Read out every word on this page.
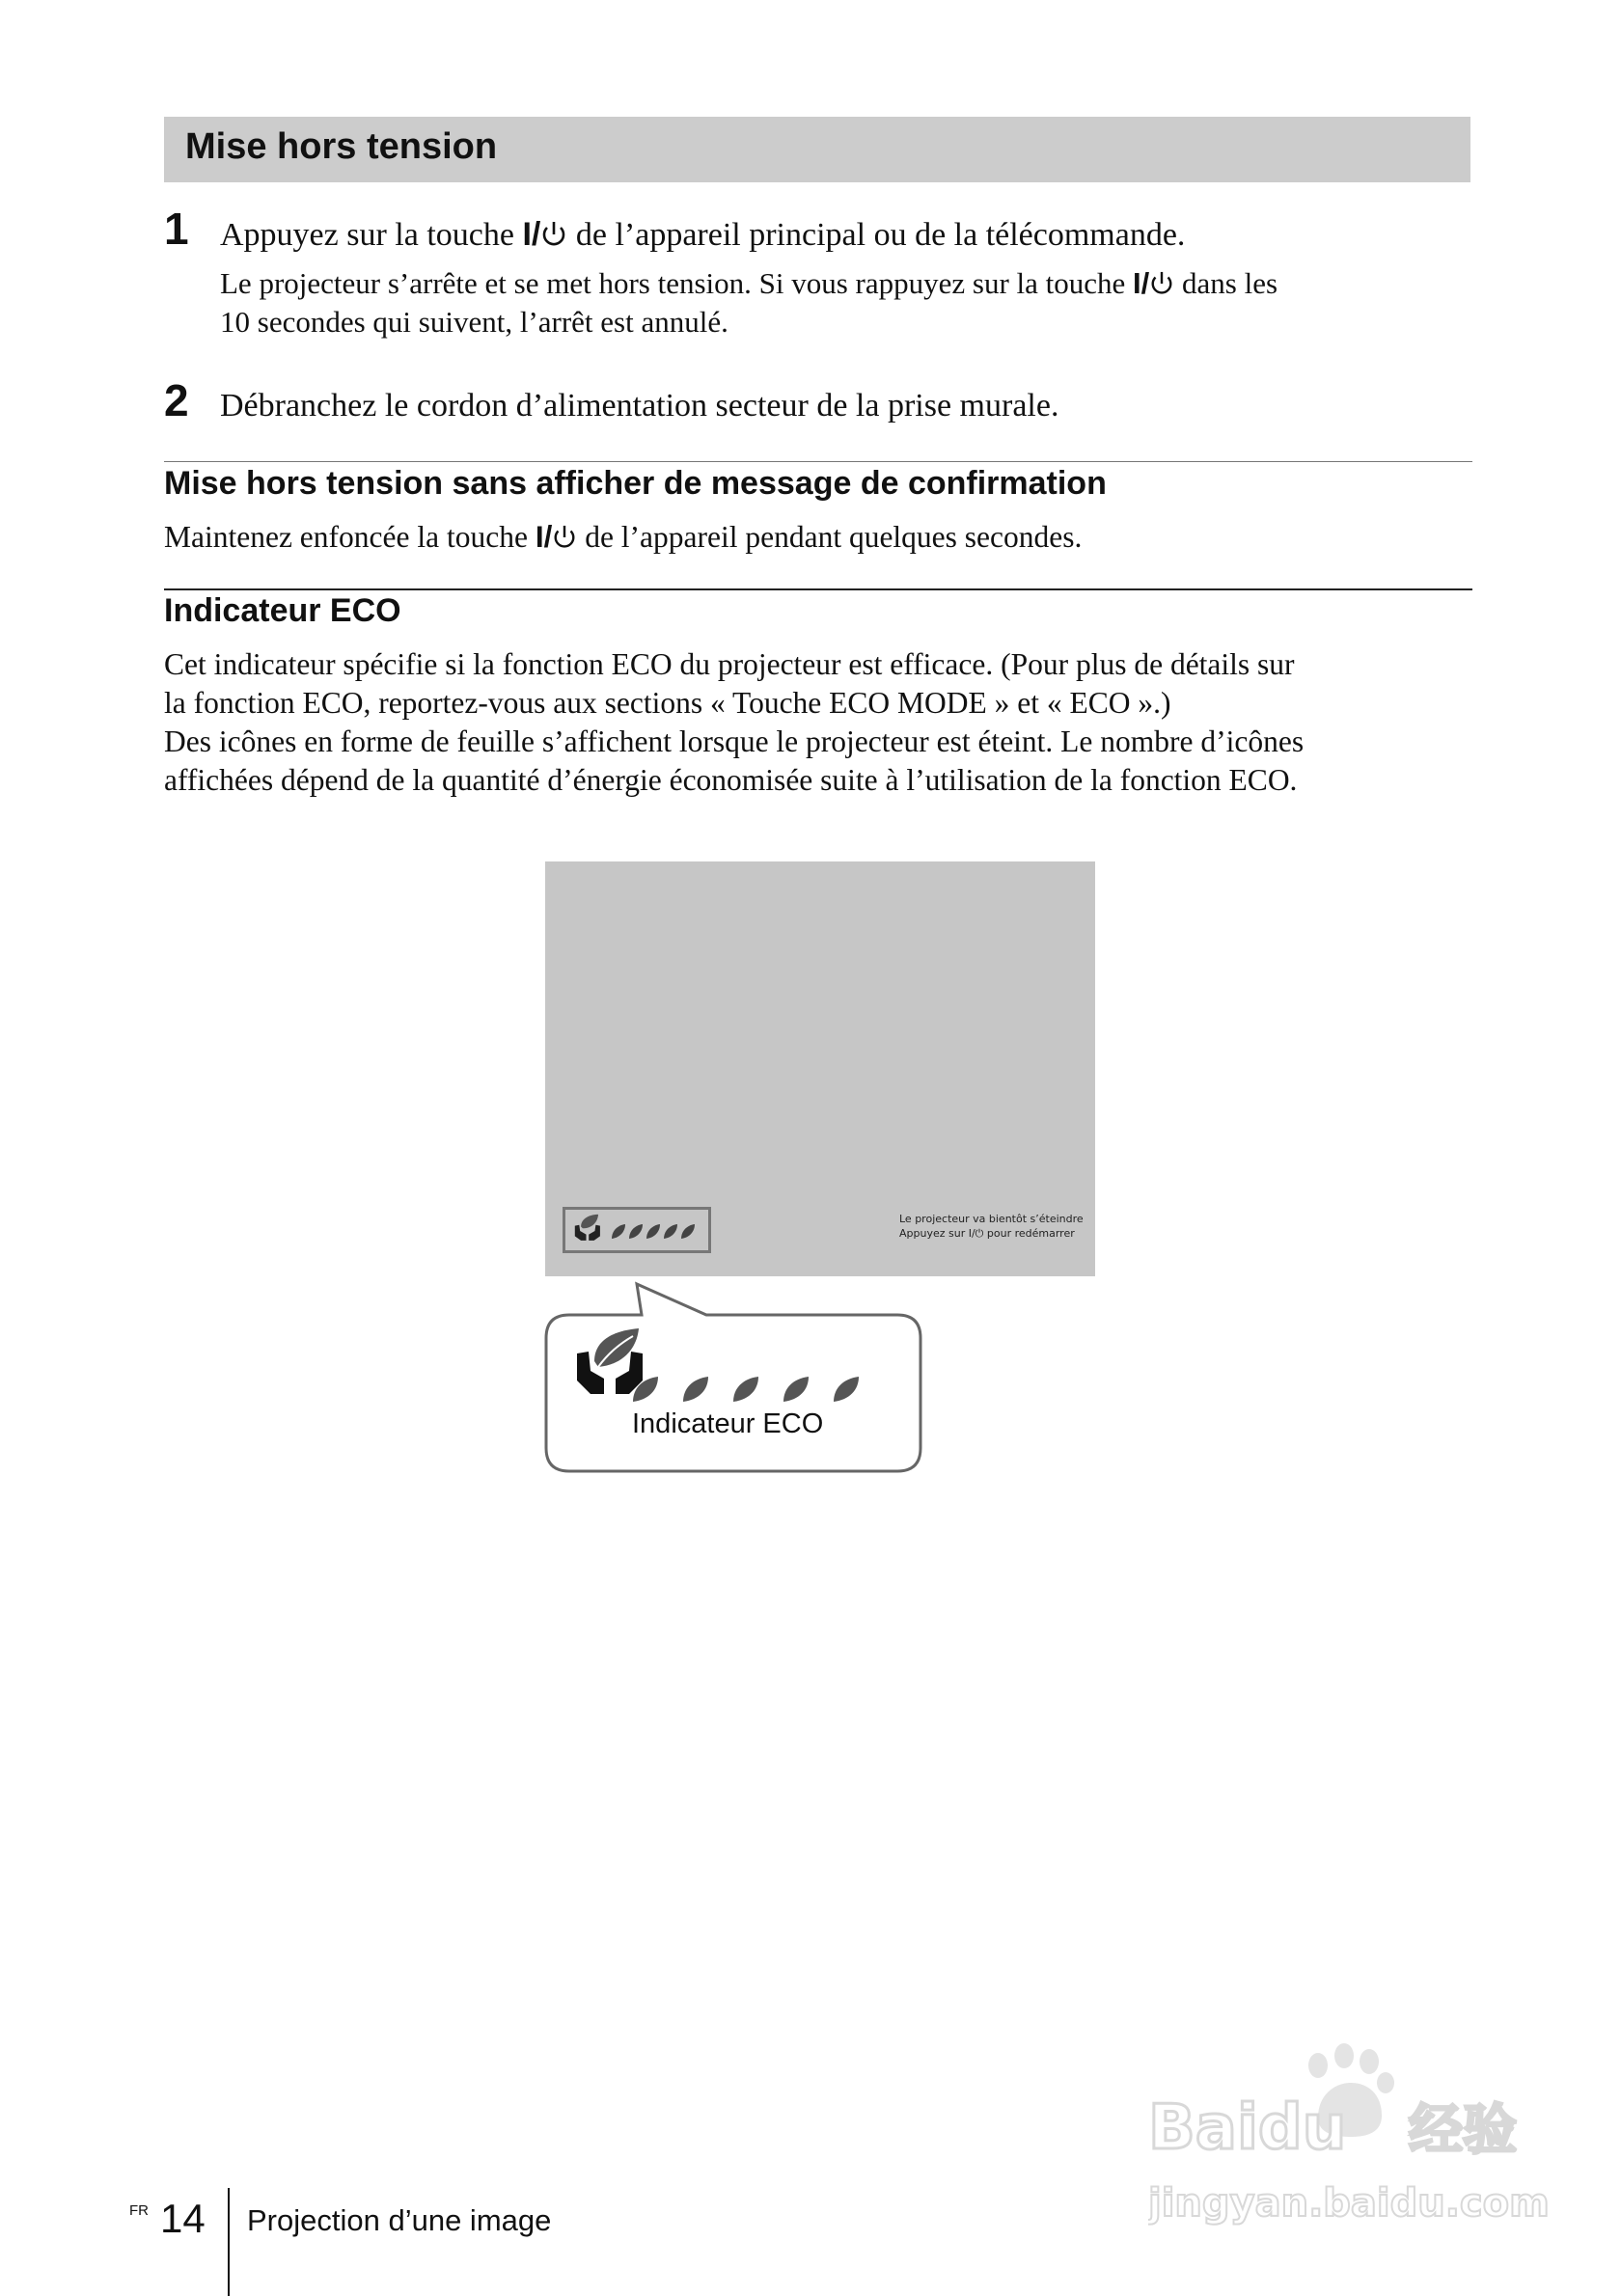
Mise hors tension
1 Appuyez sur la touche I/ de l’appareil principal ou de la télécommande.
Le projecteur s’arrête et se met hors tension. Si vous rappuyez sur la touche I/ dans les
10 secondes qui suivent, l’arrêt est annulé.
2 Débranchez le cordon d’alimentation secteur de la prise murale.
Mise hors tension sans afficher de message de confirmation
Maintenez enfoncée la touche I/ de l’appareil pendant quelques secondes.
Indicateur ECO
Cet indicateur spécifie si la fonction ECO du projecteur est efficace. (Pour plus de détails sur
la fonction ECO, reportez-vous aux sections « Touche ECO MODE » et « ECO ».)
Des icônes en forme de feuille s’affichent lorsque le projecteur est éteint. Le nombre d’icônes
affichées dépend de la quantité d’énergie économisée suite à l’utilisation de la fonction ECO.
Le projecteur va bientôt s’éteindre
Appuyez sur I/⏻ pour redémarrer
Indicateur ECO
FR 14 Projection d’une image
Baidu 经验
jingyan.baidu.com
